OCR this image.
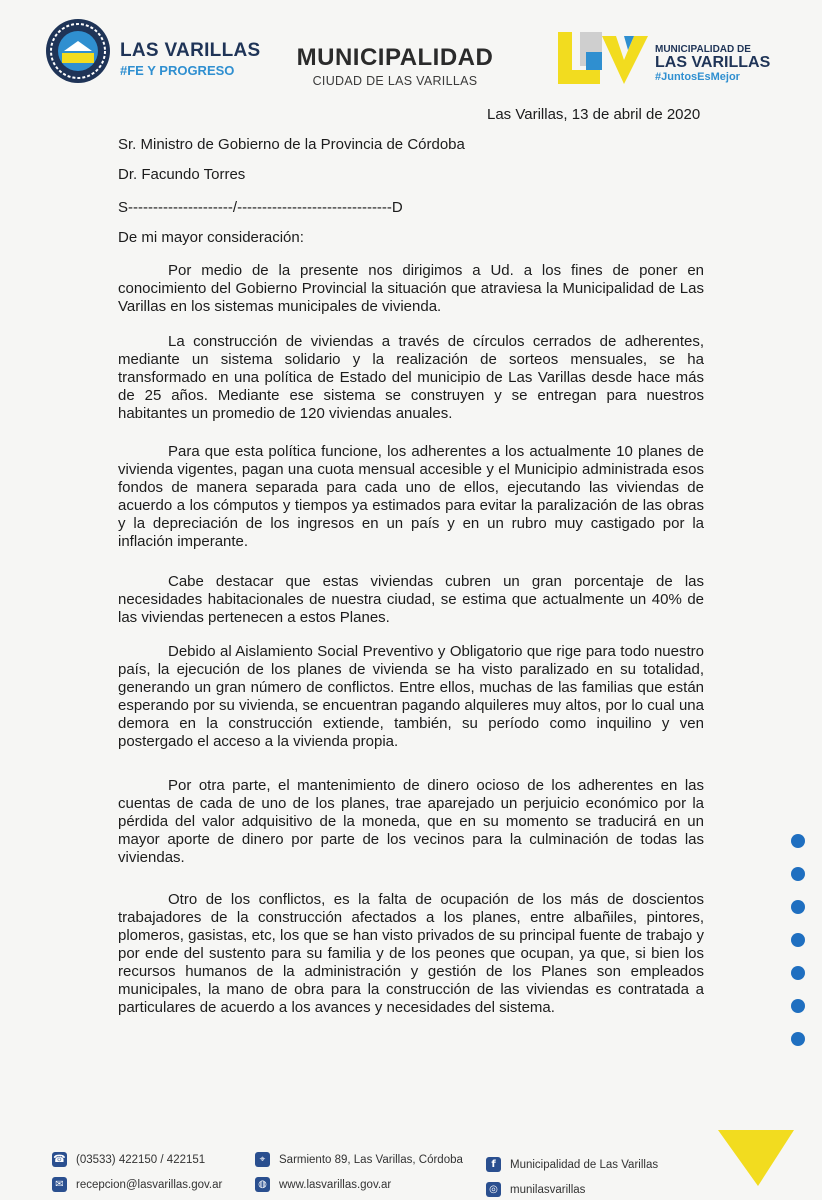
LAS VARILLAS
#FE Y PROGRESO	MUNICIPALIDAD
CIUDAD DE LAS VARILLAS
MUNICIPALIDAD DE
LAS VARILLAS
#JuntosEsMejor
Las Varillas, 13 de abril de 2020
Sr. Ministro de Gobierno de la Provincia de Córdoba
Dr. Facundo Torres
S---------------------/-------------------------------D
De mi mayor consideración:
Por medio de la presente nos dirigimos a Ud. a los fines de poner en conocimiento del Gobierno Provincial la situación que atraviesa la Municipalidad de Las Varillas en los sistemas municipales de vivienda.
La construcción de viviendas a través de círculos cerrados de adherentes, mediante un sistema solidario y la realización de sorteos mensuales, se ha transformado en una política de Estado del municipio de Las Varillas desde hace más de 25 años. Mediante ese sistema se construyen y se entregan para nuestros habitantes un promedio de 120 viviendas anuales.
Para que esta política funcione, los adherentes a los actualmente 10 planes de vivienda vigentes, pagan una cuota mensual accesible y el Municipio administrada esos fondos de manera separada para cada uno de ellos, ejecutando las viviendas de acuerdo a los cómputos y tiempos ya estimados para evitar la paralización de las obras y la depreciación de los ingresos en un país y en un rubro muy castigado por la inflación imperante.
Cabe destacar que estas viviendas cubren un gran porcentaje de las necesidades habitacionales de nuestra ciudad, se estima que actualmente un 40% de las viviendas pertenecen a estos Planes.
Debido al Aislamiento Social Preventivo y Obligatorio que rige para todo nuestro país, la ejecución de los planes de vivienda se ha visto paralizado en su totalidad, generando un gran número de conflictos. Entre ellos, muchas de las familias que están esperando por su vivienda, se encuentran pagando alquileres muy altos, por lo cual una demora en la construcción extiende, también, su período como inquilino y ven postergado el acceso a la vivienda propia.
Por otra parte, el mantenimiento de dinero ocioso de los adherentes en las cuentas de cada de uno de los planes, trae aparejado un perjuicio económico por la pérdida del valor adquisitivo de la moneda, que en su momento se traducirá en un mayor aporte de dinero por parte de los vecinos para la culminación de todas las viviendas.
Otro de los conflictos, es la falta de ocupación de los más de doscientos trabajadores de la construcción afectados a los planes, entre albañiles, pintores, plomeros, gasistas, etc, los que se han visto privados de su principal fuente de trabajo y por ende del sustento para su familia y de los peones que ocupan, ya que, si bien los recursos humanos de la administración y gestión de los Planes son empleados municipales, la mano de obra para la construcción de las viviendas es contratada a particulares de acuerdo a los avances y necesidades del sistema.
☎ (03533) 422150 / 422151
✉ recepcion@lasvarillas.gov.ar
⌖	Sarmiento 89, Las Varillas, Córdoba
◍ www.lasvarillas.gov.ar
f	Municipalidad de Las Varillas
◎ munilasvarillas
